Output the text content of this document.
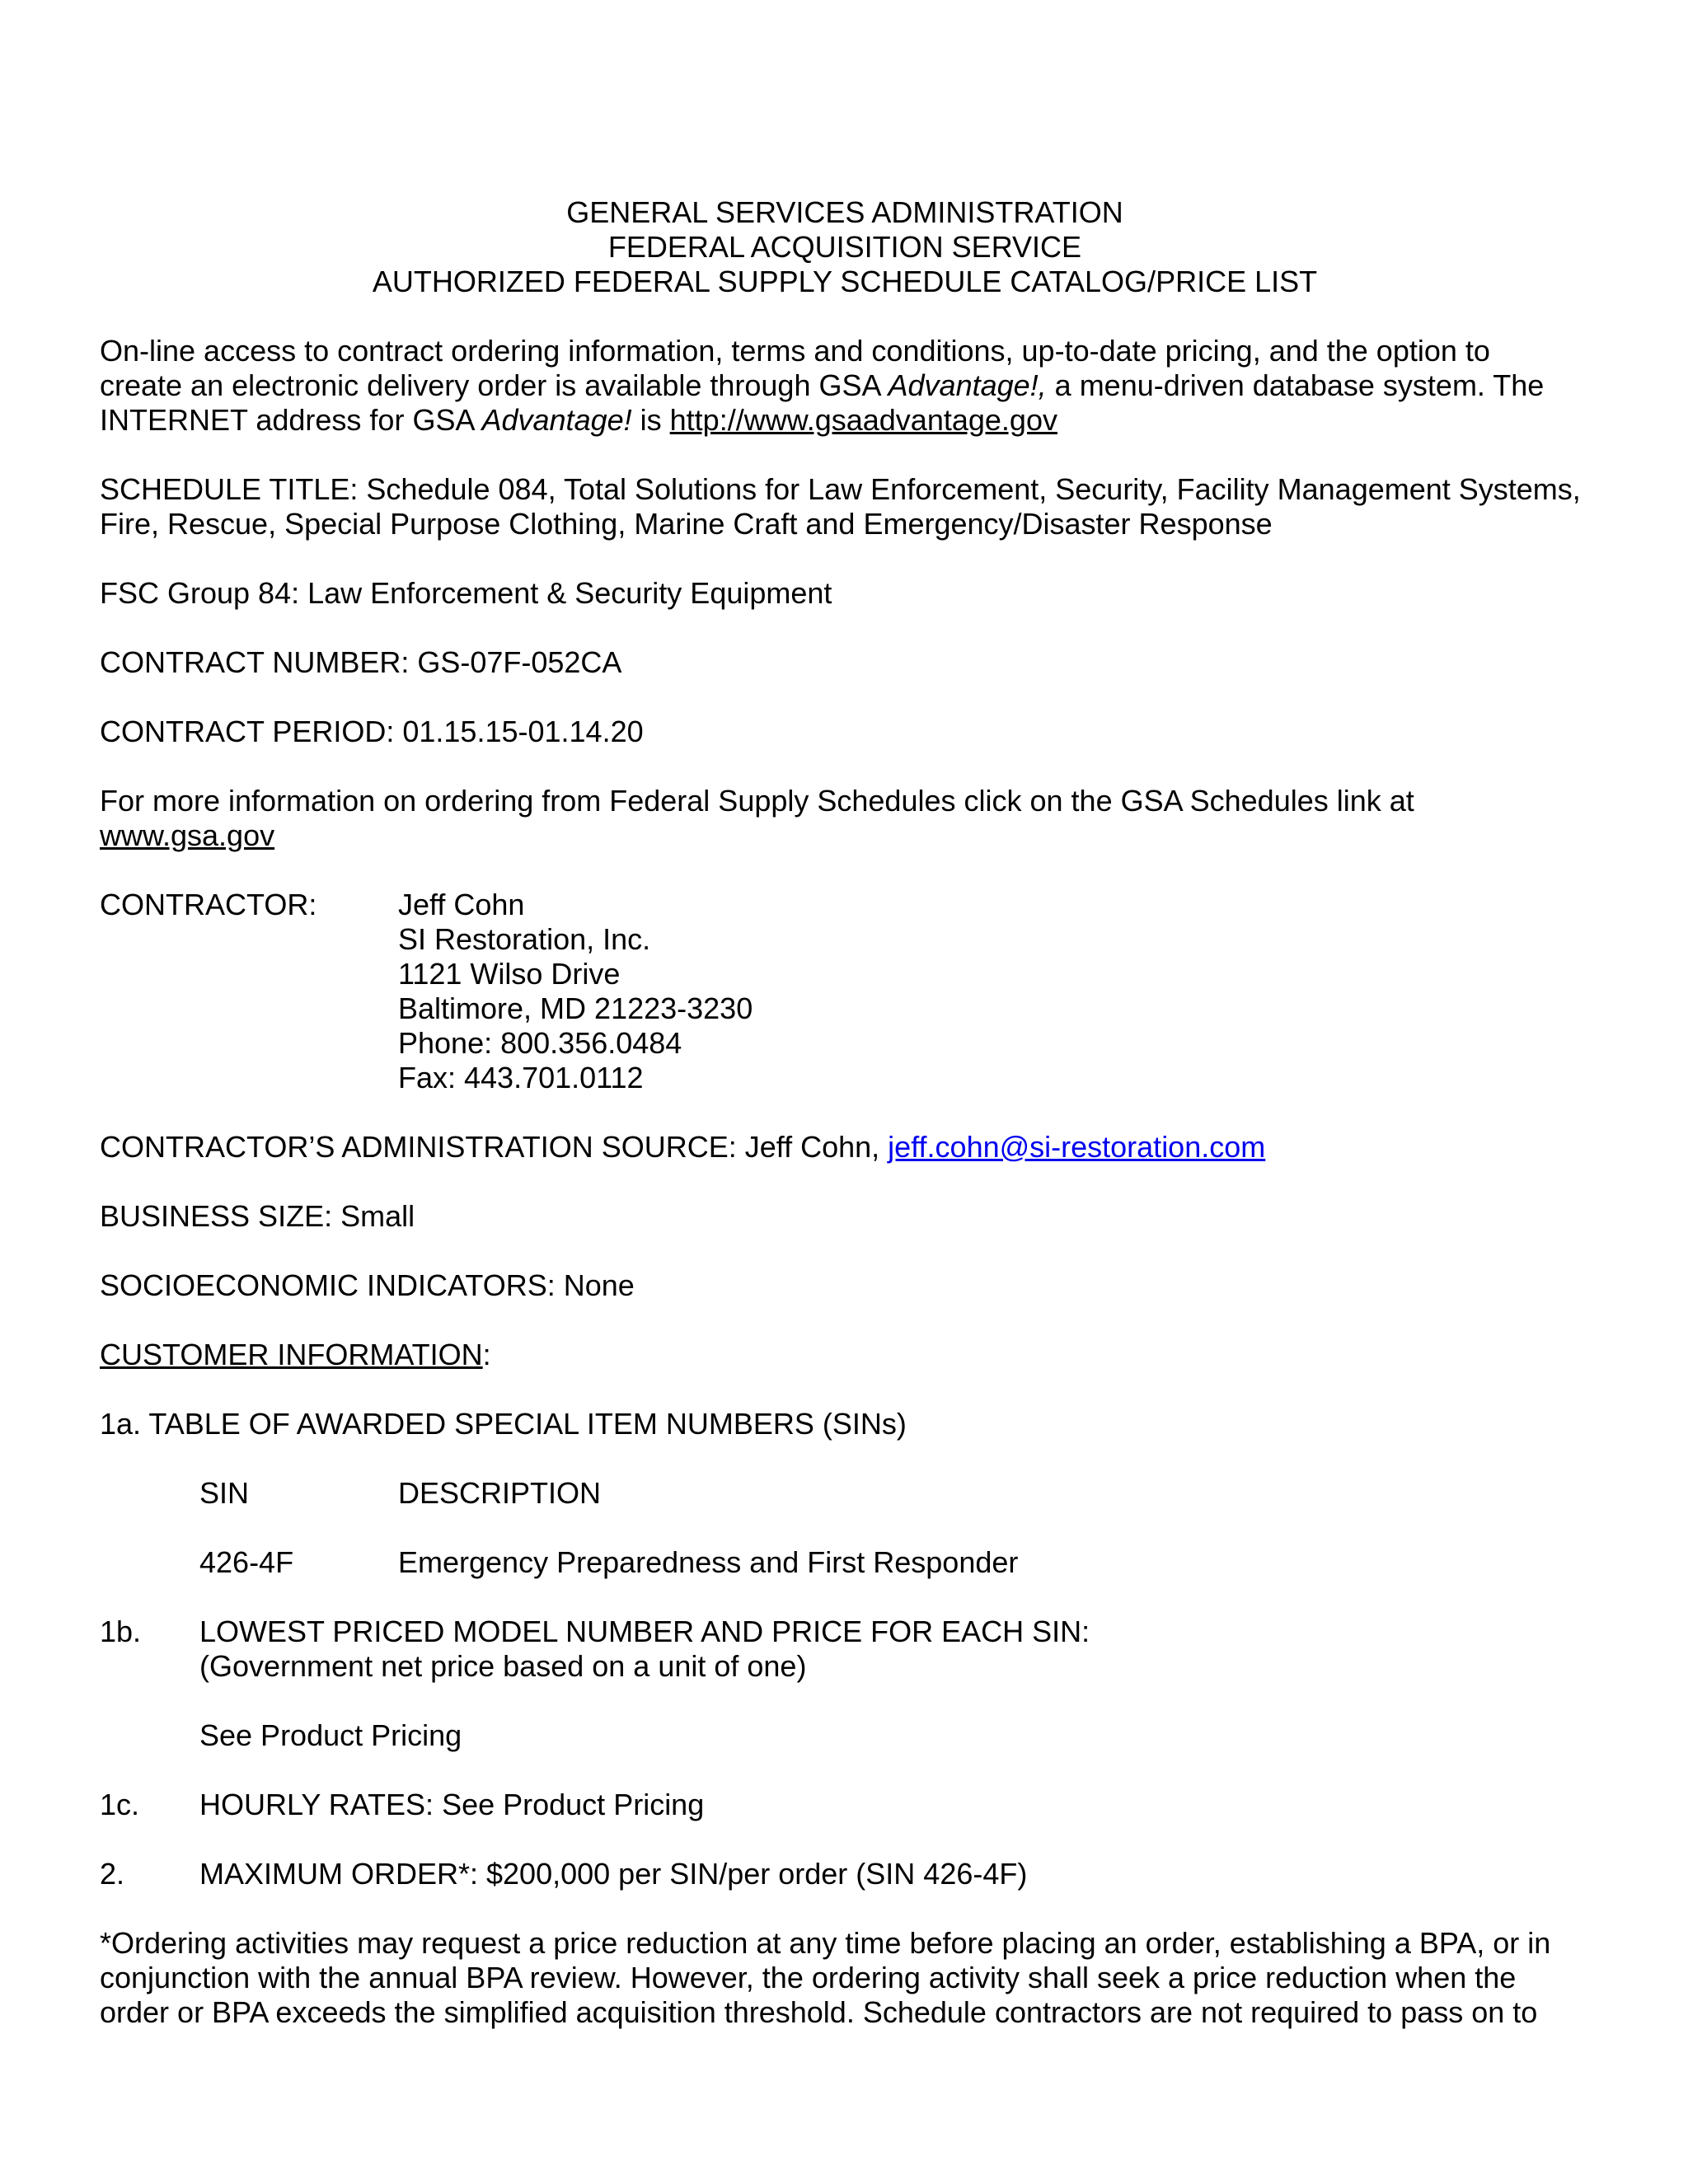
GENERAL SERVICES ADMINISTRATION
FEDERAL ACQUISITION SERVICE
AUTHORIZED FEDERAL SUPPLY SCHEDULE CATALOG/PRICE LIST

On-line access to contract ordering information, terms and conditions, up-to-date pricing, and the option to

create an electronic delivery order is available through GSA Advantage!, a menu-driven database system. The

INTERNET address for GSA Advantage! is http://www.gsaadvantage.gov

SCHEDULE TITLE: Schedule 084, Total Solutions for Law Enforcement, Security, Facility Management Systems,

Fire, Rescue, Special Purpose Clothing, Marine Craft and Emergency/Disaster Response

FSC Group 84: Law Enforcement & Security Equipment

CONTRACT NUMBER: GS-07F-052CA

CONTRACT PERIOD: 01.15.15-01.14.20

For more information on ordering from Federal Supply Schedules click on the GSA Schedules link at

www.gsa.gov

CONTRACTOR:	Jeff Cohn
SI Restoration, Inc.
1121 Wilso Drive
Baltimore, MD 21223-3230
Phone: 800.356.0484
Fax: 443.701.0112

CONTRACTOR’S ADMINISTRATION SOURCE: Jeff Cohn, jeff.cohn@si-restoration.com

BUSINESS SIZE: Small

SOCIOECONOMIC INDICATORS: None

CUSTOMER INFORMATION:

1a. TABLE OF AWARDED SPECIAL ITEM NUMBERS (SINs)

SIN	DESCRIPTION
426-4F	Emergency Preparedness and First Responder
1b.	LOWEST PRICED MODEL NUMBER AND PRICE FOR EACH SIN:

(Government net price based on a unit of one)

See Product Pricing

1c.	HOURLY RATES: See Product Pricing
2.	MAXIMUM ORDER*: $200,000 per SIN/per order (SIN 426-4F)

*Ordering activities may request a price reduction at any time before placing an order, establishing a BPA, or in

conjunction with the annual BPA review. However, the ordering activity shall seek a price reduction when the

order or BPA exceeds the simplified acquisition threshold. Schedule contractors are not required to pass on to
